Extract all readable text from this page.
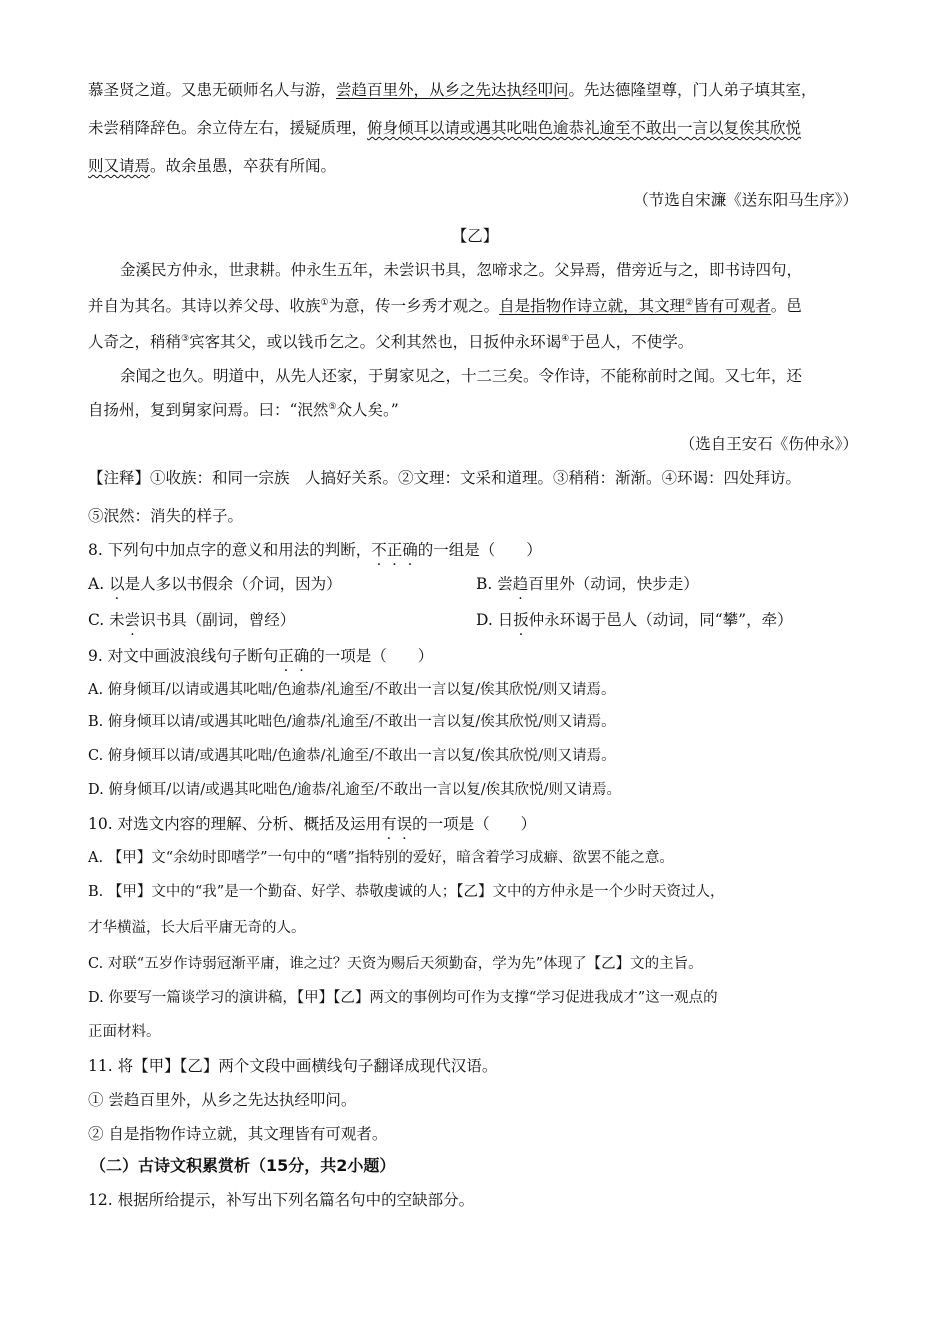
慕圣贤之道。又患无硕师名人与游，尝趋百里外，从乡之先达执经叩问。先达德隆望尊，门人弟子填其室，
未尝稍降辞色。余立侍左右，援疑质理，俯身倾耳以请或遇其叱咄色逾恭礼逾至不敢出一言以复俟其欣悦
则又请焉。故余虽愚，卒获有所闻。
（节选自宋濂《送东阳马生序》）
【乙】
金溪民方仲永，世隶耕。仲永生五年，未尝识书具，忽啼求之。父异焉，借旁近与之，即书诗四句，
并自为其名。其诗以养父母、收族①为意，传一乡秀才观之。自是指物作诗立就，其文理②皆有可观者。邑
人奇之，稍稍③宾客其父，或以钱币乞之。父利其然也，日扳仲永环谒④于邑人，不使学。
余闻之也久。明道中，从先人还家，于舅家见之，十二三矣。令作诗，不能称前时之闻。又七年，还
自扬州，复到舅家问焉。曰：“泯然⑤众人矣。”
（选自王安石《伤仲永》）
【注释】①收族：和同一宗族　人搞好关系。②文理：文采和道理。③稍稍：渐渐。④环谒：四处拜访。
⑤泯然：消失的样子。
8. 下列句中加点字的意义和用法的判断，不正确的一组是（　　）
A. 以是人多以书假余（介词，因为）	B. 尝趋百里外（动词，快步走）
C. 未尝识书具（副词，曾经）	D. 日扳仲永环谒于邑人（动词，同“攀”，牵）
9. 对文中画波浪线句子断句正确的一项是（　　）
A. 俯身倾耳/以请或遇其叱咄/色逾恭/礼逾至/不敢出一言以复/俟其欣悦/则又请焉。
B. 俯身倾耳以请/或遇其叱咄色/逾恭/礼逾至/不敢出一言以复/俟其欣悦/则又请焉。
C. 俯身倾耳以请/或遇其叱咄/色逾恭/礼逾至/不敢出一言以复/俟其欣悦/则又请焉。
D. 俯身倾耳/以请/或遇其叱咄色/逾恭/礼逾至/不敢出一言以复/俟其欣悦/则又请焉。
10. 对选文内容的理解、分析、概括及运用有误的一项是（　　）
A. 【甲】文“余幼时即嗜学”一句中的“嗜”指特别的爱好，暗含着学习成癖、欲罢不能之意。
B. 【甲】文中的“我”是一个勤奋、好学、恭敬虔诚的人；【乙】文中的方仲永是一个少时天资过人，
才华横溢，长大后平庸无奇的人。
C. 对联“五岁作诗弱冠渐平庸，谁之过？天资为赐后天须勤奋，学为先”体现了【乙】文的主旨。
D. 你要写一篇谈学习的演讲稿，【甲】【乙】两文的事例均可作为支撑“学习促进我成才”这一观点的
正面材料。
11. 将【甲】【乙】两个文段中画横线句子翻译成现代汉语。
① 尝趋百里外，从乡之先达执经叩问。
② 自是指物作诗立就，其文理皆有可观者。
（二）古诗文积累赏析（15分，共2小题）
12. 根据所给提示，补写出下列名篇名句中的空缺部分。
